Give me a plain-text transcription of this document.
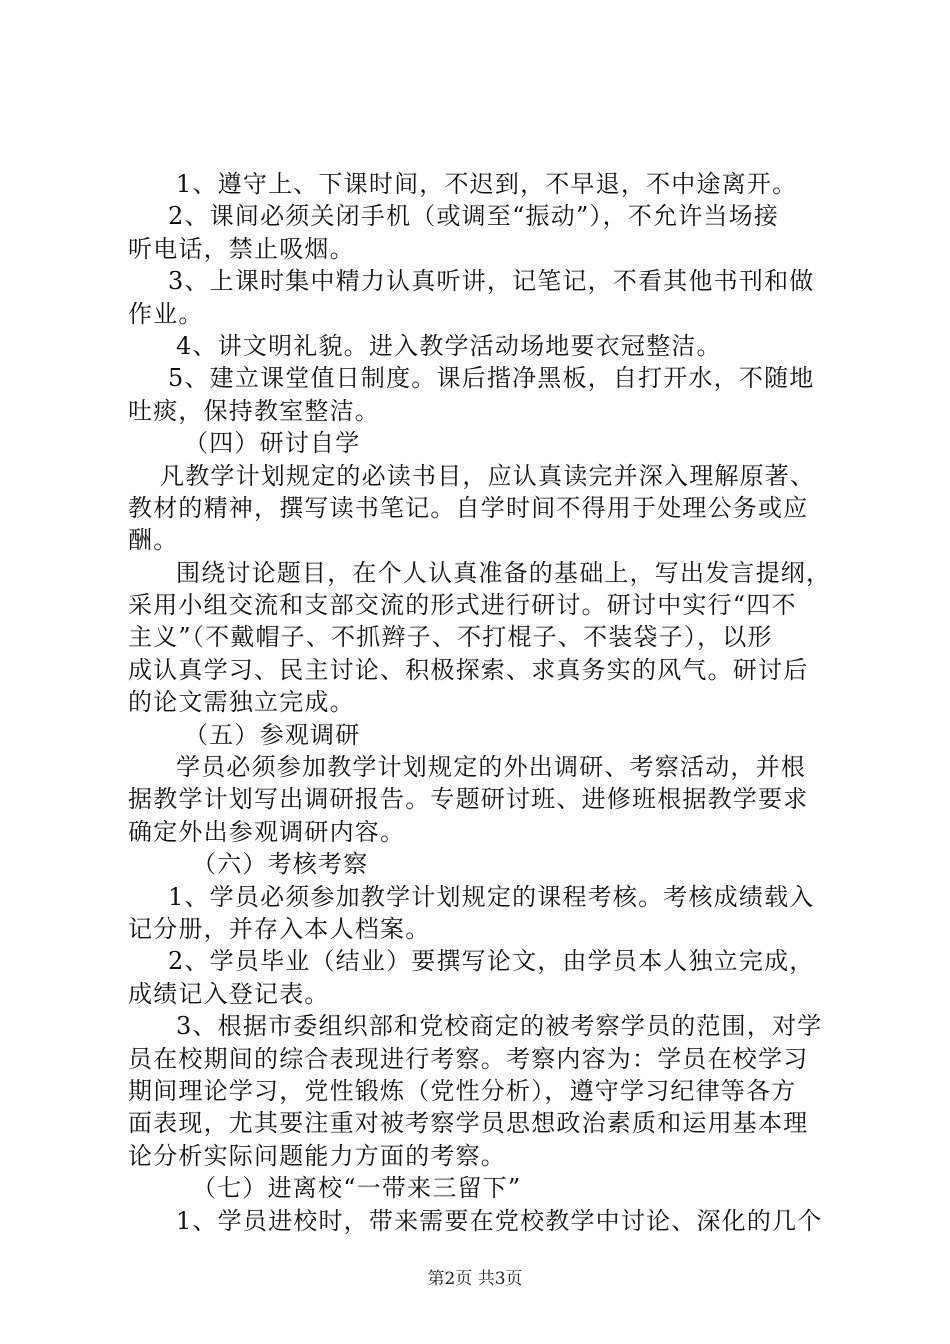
1、遵守上、下课时间，不迟到，不早退，不中途离开。
2、课间必须关闭手机（或调至“振动”），不允许当场接
听电话，禁止吸烟。
3、上课时集中精力认真听讲，记笔记，不看其他书刊和做
作业。
4、讲文明礼貌。进入教学活动场地要衣冠整洁。
5、建立课堂值日制度。课后揩净黑板，自打开水，不随地
吐痰，保持教室整洁。
（四）研讨自学
凡教学计划规定的必读书目，应认真读完并深入理解原著、
教材的精神，撰写读书笔记。自学时间不得用于处理公务或应
酬。
围绕讨论题目，在个人认真准备的基础上，写出发言提纲，
采用小组交流和支部交流的形式进行研讨。研讨中实行“四不
主义”（不戴帽子、不抓辫子、不打棍子、不装袋子），以形
成认真学习、民主讨论、积极探索、求真务实的风气。研讨后
的论文需独立完成。
（五）参观调研
学员必须参加教学计划规定的外出调研、考察活动，并根
据教学计划写出调研报告。专题研讨班、进修班根据教学要求
确定外出参观调研内容。
（六）考核考察
1、学员必须参加教学计划规定的课程考核。考核成绩载入
记分册，并存入本人档案。
2、学员毕业（结业）要撰写论文，由学员本人独立完成，
成绩记入登记表。
3、根据市委组织部和党校商定的被考察学员的范围，对学
员在校期间的综合表现进行考察。考察内容为：学员在校学习
期间理论学习，党性锻炼（党性分析），遵守学习纪律等各方
面表现，尤其要注重对被考察学员思想政治素质和运用基本理
论分析实际问题能力方面的考察。
（七）进离校“一带来三留下”
1、学员进校时，带来需要在党校教学中讨论、深化的几个
第2页 共3页
